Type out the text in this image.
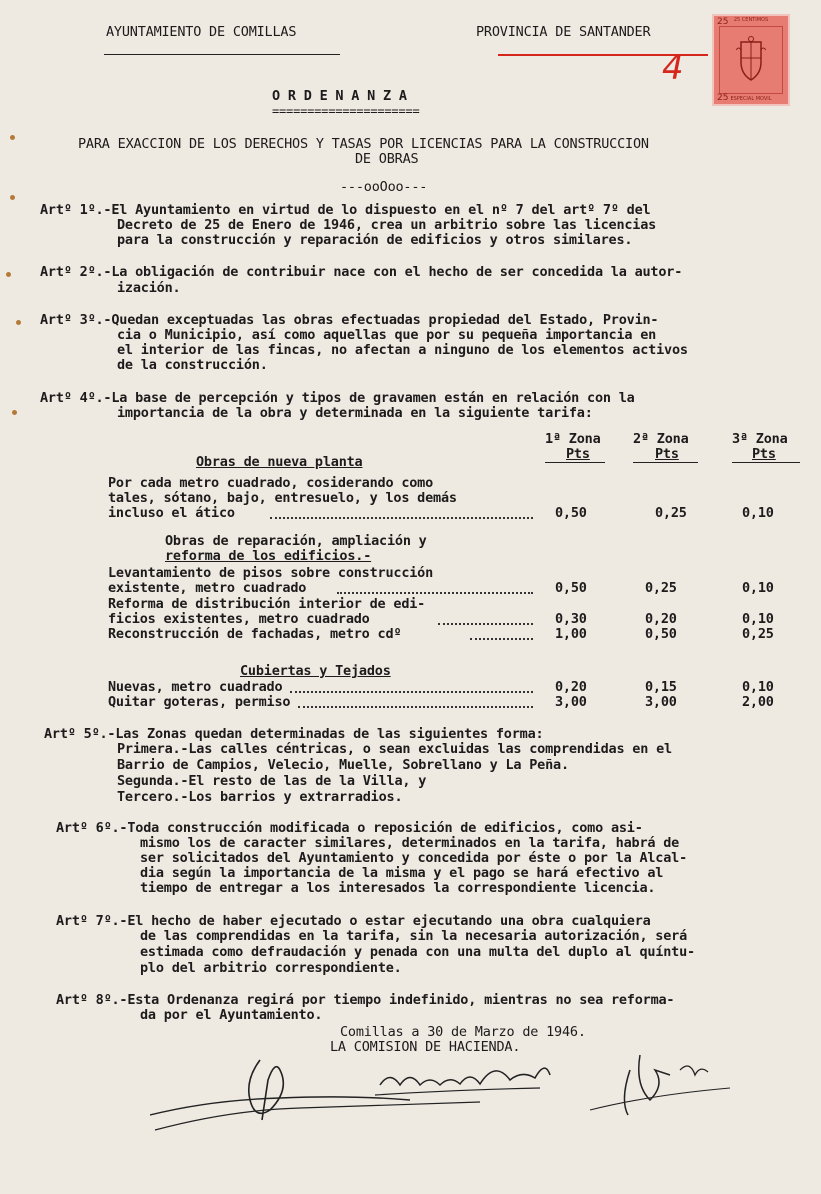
AYUNTAMIENTO DE COMILLAS	PROVINCIA DE SANTANDER
4
25 CENTIMOS
25
25 ESPECIAL MOVIL
O R D E N A N Z A
=====================
PARA EXACCION DE LOS DERECHOS Y TASAS POR LICENCIAS PARA LA CONSTRUCCION
DE OBRAS
---ooOoo---
Artº 1º.-El Ayuntamiento en virtud de lo dispuesto en el nº 7 del artº 7º del
Decreto de 25 de Enero de 1946, crea un arbitrio sobre las licencias
para la construcción y reparación de edificios y otros similares.
Artº 2º.-La obligación de contribuir nace con el hecho de ser concedida la autor-
ización.
Artº 3º.-Quedan exceptuadas las obras efectuadas propiedad del Estado, Provin-
cia o Municipio, así como aquellas que por su pequeña importancia en
el interior de las fincas, no afectan a ninguno de los elementos activos
de la construcción.
Artº 4º.-La base de percepción y tipos de gravamen están en relación con la
importancia de la obra y determinada en la siguiente tarifa:
1ª Zona 2ª Zona	3ª Zona
Pts	Pts	Pts
Obras de nueva planta
Por cada metro cuadrado, cosiderando como
tales, sótano, bajo, entresuelo, y los demás
incluso el ático	0,50	0,25	0,10
Obras de reparación, ampliación y
reforma de los edificios.-
Levantamiento de pisos sobre construcción
existente, metro cuadrado	0,50	0,25	0,10
Reforma de distribución interior de edi-
ficios existentes, metro cuadrado	0,30	0,20	0,10
Reconstrucción de fachadas, metro cdº	1,00	0,50	0,25
Cubiertas y Tejados
Nuevas, metro cuadrado	0,20	0,15	0,10
Quitar goteras, permiso	3,00	3,00	2,00
Artº 5º.-Las Zonas quedan determinadas de las siguientes forma:
Primera.-Las calles céntricas, o sean excluidas las comprendidas en el
Barrio de Campios, Velecio, Muelle, Sobrellano y La Peña.
Segunda.-El resto de las de la Villa, y
Tercero.-Los barrios y extrarradios.
Artº 6º.-Toda construcción modificada o reposición de edificios, como asi-
mismo los de caracter similares, determinados en la tarifa, habrá de
ser solicitados del Ayuntamiento y concedida por éste o por la Alcal-
dia según la importancia de la misma y el pago se hará efectivo al
tiempo de entregar a los interesados la correspondiente licencia.
Artº 7º.-El hecho de haber ejecutado o estar ejecutando una obra cualquiera
de las comprendidas en la tarifa, sin la necesaria autorización, será
estimada como defraudación y penada con una multa del duplo al quíntu-
plo del arbitrio correspondiente.
Artº 8º.-Esta Ordenanza regirá por tiempo indefinido, mientras no sea reforma-
da por el Ayuntamiento.
Comillas a 30 de Marzo de 1946.
LA COMISION DE HACIENDA.
